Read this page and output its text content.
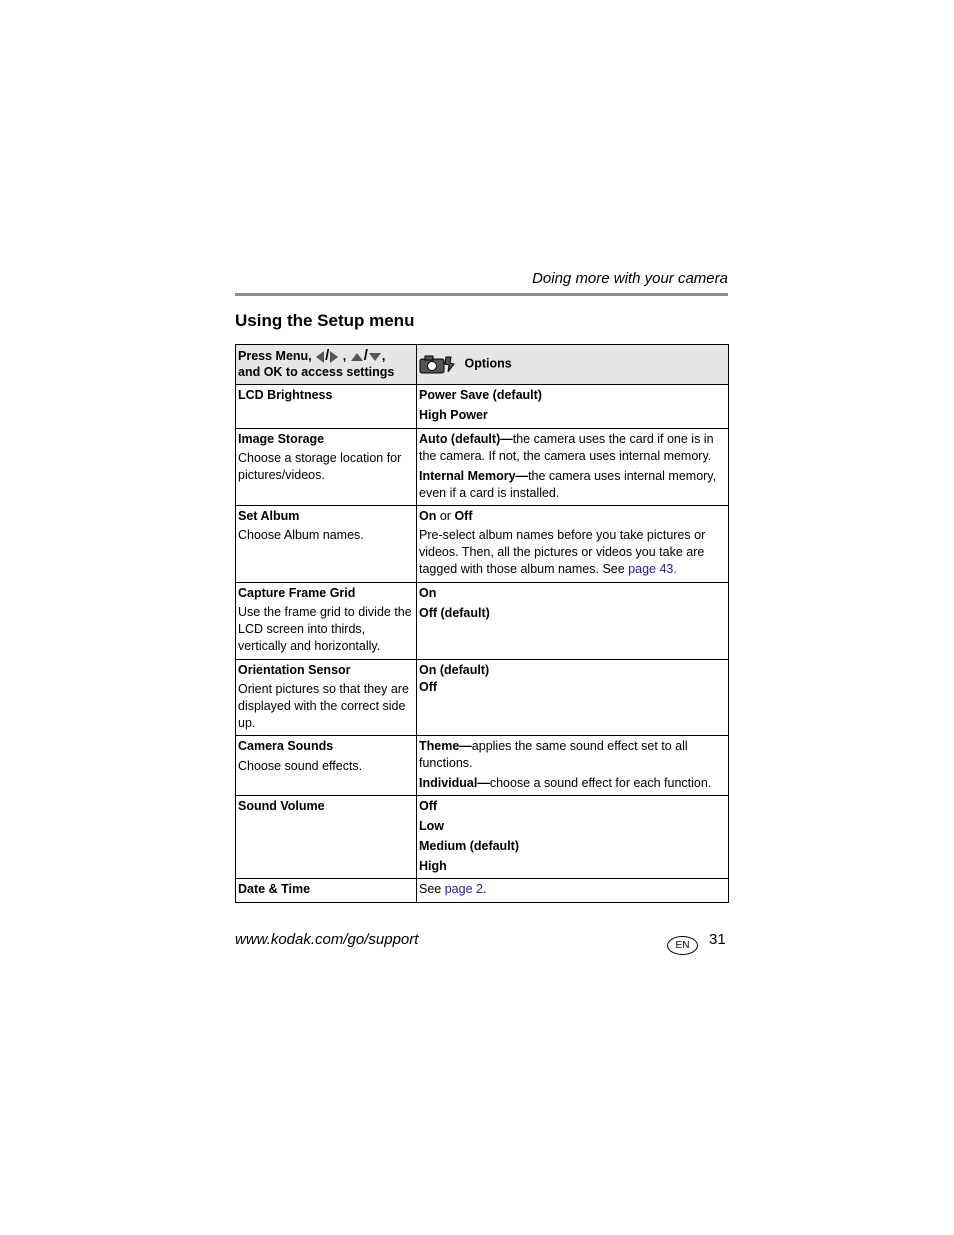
Doing more with your camera
Using the Setup menu
Press Menu, / , / ,
and OK to access settings	Options
LCD Brightness	Power Save (default)
High Power

Image Storage
Choose a storage location for pictures/videos.	Auto (default)—the camera uses the card if one is in the camera. If not, the camera uses internal memory.
Internal Memory—the camera uses internal memory, even if a card is installed.

Set Album
Choose Album names.	On or Off
Pre-select album names before you take pictures or videos. Then, all the pictures or videos you take are tagged with those album names. See page 43.

Capture Frame Grid
Use the frame grid to divide the LCD screen into thirds, vertically and horizontally.	On
Off (default)

Orientation Sensor
Orient pictures so that they are displayed with the correct side up.	On (default)
Off

Camera Sounds
Choose sound effects.	Theme—applies the same sound effect set to all functions.
Individual—choose a sound effect for each function.

Sound Volume	Off
Low
Medium (default)
High

Date & Time	See page 2.
www.kodak.com/go/support	EN	31
